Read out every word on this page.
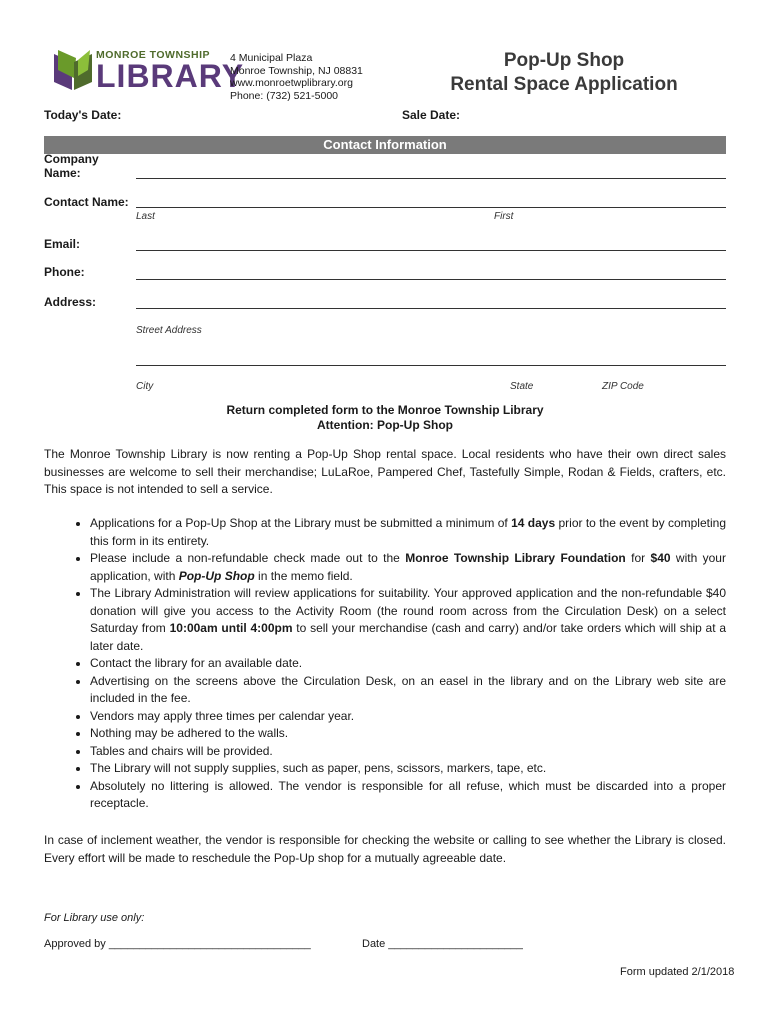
MONROE TOWNSHIP
LIBRARY
4 Municipal Plaza
Monroe Township, NJ 08831
www.monroetwplibrary.org
Phone: (732) 521-5000
Pop-Up Shop
Rental Space Application
Today's Date:	Sale Date:
Contact Information
Company
Name:
Contact Name:
Last	First
Email:
Phone:
Address:
Street Address
City	State	ZIP Code
Return completed form to the Monroe Township Library
Attention: Pop-Up Shop
The Monroe Township Library is now renting a Pop-Up Shop rental space. Local residents who have their own direct sales businesses are welcome to sell their merchandise; LuLaRoe, Pampered Chef, Tastefully Simple, Rodan & Fields, crafters, etc. This space is not intended to sell a service.
• Applications for a Pop-Up Shop at the Library must be submitted a minimum of 14 days prior to the event by completing this form in its entirety.
• Please include a non-refundable check made out to the Monroe Township Library Foundation for $40 with your application, with Pop-Up Shop in the memo field.
• The Library Administration will review applications for suitability. Your approved application and the non-refundable $40 donation will give you access to the Activity Room (the round room across from the Circulation Desk) on a select Saturday from 10:00am until 4:00pm to sell your merchandise (cash and carry) and/or take orders which will ship at a later date.
• Contact the library for an available date.
• Advertising on the screens above the Circulation Desk, on an easel in the library and on the Library web site are included in the fee.
• Vendors may apply three times per calendar year.
• Nothing may be adhered to the walls.
• Tables and chairs will be provided.
• The Library will not supply supplies, such as paper, pens, scissors, markers, tape, etc.
• Absolutely no littering is allowed. The vendor is responsible for all refuse, which must be discarded into a proper receptacle.
In case of inclement weather, the vendor is responsible for checking the website or calling to see whether the Library is closed. Every effort will be made to reschedule the Pop-Up shop for a mutually agreeable date.
For Library use only:
Approved by _________________________________	Date ______________________
Form updated 2/1/2018
